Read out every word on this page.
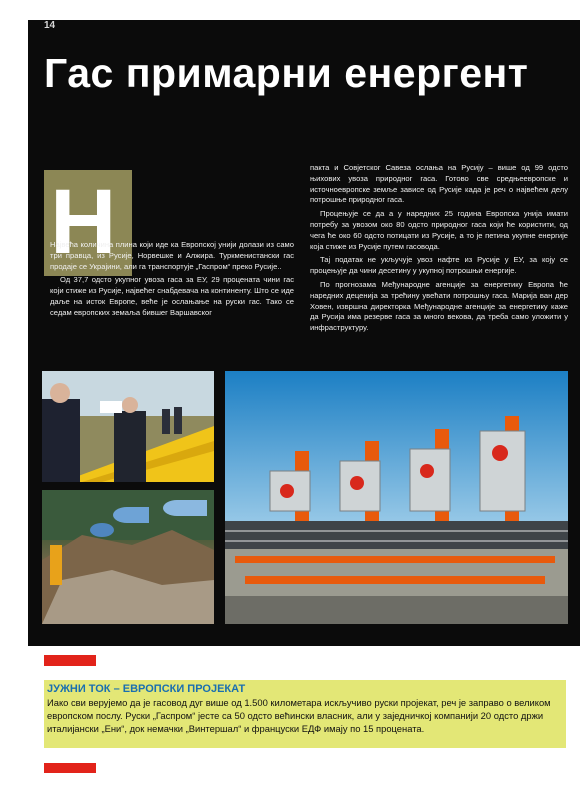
14
Гас примарни енергент
Н

Највећа количина плина који иде ка Европској унији долази из само три правца, из Русије, Норвешке и Алжира. Туркменистански гас продаје се Украјини, али га транспортује „Гаспром“ преко Русије..

Од 37,7 одсто укупног увоза гаса за ЕУ, 29 процената чини гас који стиже из Русије, највећег снабдевача на континенту. Што се иде даље на исток Европе, веће је ослањање на руски гас. Тако се седам европских земаља бившег Варшавског

пакта и Совјетског Савеза ослања на Русију – више од 99 одсто њихових увоза природног гаса. Готово све средњеевропске и источноевропске земље зависе од Русије када је реч о највећем делу потрошње природног гаса.

Процењује се да а у наредних 25 година Европска унија имати потребу за увозом око 80 одсто природног гаса који ће користити, од чега ће око 60 одсто потицати из Русије, а то је петина укупне енергије која стиже из Русије путем гасовода.

Тај податак не укључује увоз нафте из Русије у ЕУ, за коју се процењује да чини десетину у укупној потрошњи енергије.

По прогнозама Међународне агенције за енергетику Европа ће наредних деценија за трећину увећати потрошњу гаса. Марија ван дер Ховен, извршна директорка Међународне агенције за енергетику каже да Русија има резерве гаса за много векова, да треба само уложити у инфраструктуру.

ЈУЖНИ ТОК – ЕВРОПСКИ ПРОЈЕКАТ
Иако сви верујемо да је гасовод дуг више од 1.500 километара искључиво руски пројекат, реч је заправо о великом европском послу. Руски „Гаспром“ јесте са 50 одсто већински власник, али у заједничкој компанији 20 одсто држи италијански „Ени“, док немачки „Винтершал“ и француски ЕДФ имају по 15 процената.
